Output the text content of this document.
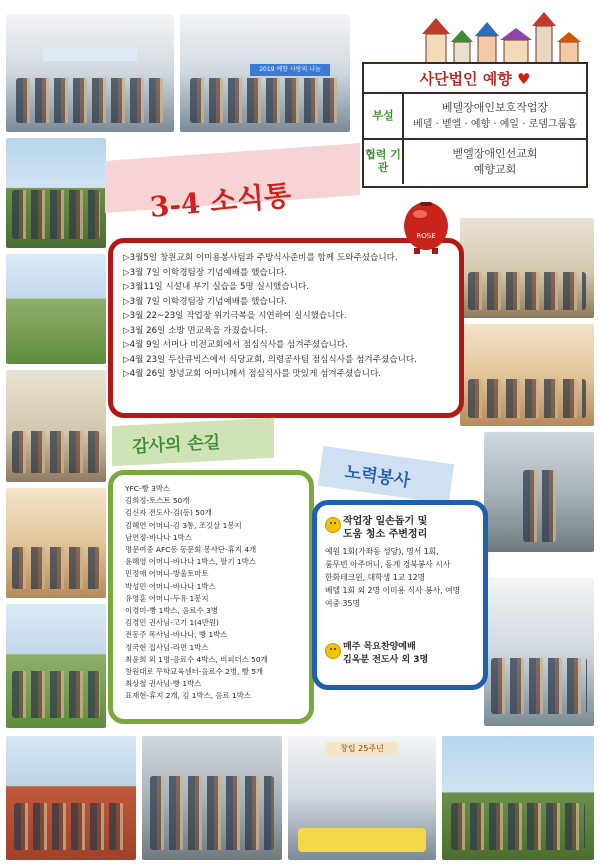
2019 예향 사랑의 나눔
창립 25주년
사단법인 예향 ♥
부설
베델장애인보호작업장
베델 · 벧엘 · 예향 · 예일 · 로뎀그룹홈
협력 기관
벧엘장애인선교회
예향교회
3-4 소식통
▷3월5일 창원교회 이미용봉사팀과 주방식사준비를 함께 도와주셨습니다.
▷3월 7일 이학경팀장 기념예배를 했습니다.
▷3월11일 시설내 부기 실습을 5명 실시했습니다.
▷3월 7일 이학경팀장 기념예배를 했습니다.
▷3월 22~23일 작업장 위기극복을 시연하여 실시했습니다.
▷3월 26일 소방 면교육을 가졌습니다.
▷4월 9일 서머나 비전교회에서 점심식사를 섬겨주셨습니다.
▷4월 23일 두산큐빅스에서 식당교회, 의령공사팀 점심식사를 섬겨주셨습니다.
▷4월 26일 창녕교회 어머니께서 점심식사를 맛있게 섬겨주셨습니다.
ROSE
감사의 손길
YFC-빵 3박스
김희정-토스트 50개
김신자 전도사-김(동) 50개
김혜연 어머니-김 3통, 조깃살 1봉지
남연정-바나나 1박스
명문여중 AFC동 동문회 봉사단-휴지 4개
윤혜영 어머니-바나나 1박스, 딸기 1박스
민정애 어머니-방울토마토
박성민 어머니-바나나 1박스
유영훈 어머니-두유 1봉지
이경미-빵 1박스, 음료수 3병
김경민 권사님-고기 1(4만원)
전동주 목사님-바나나, 빵 1박스
정국현 집사님-라면 1박스
최윤희 외 1명-음료수 4박스, 비피더스 50개
창원대로 무학교육센터-음료수 2병, 빵 5개
최상철 권사님-빵 1박스
표재현-휴지 2개, 김 1박스, 음료 1박스
노력봉사
작업장 일손돕기 및
도움 청소 주변정리
예원 1회(가좌동 성당), 명서 1회,
룸무빈 아주머니, 동계 경북봉사 시사
한화테크윈, 대학생 1교 12명
베델 1회 외 2명 이미용 식사 봉사, 여명
여중 35명
매주 목요찬양예배
김옥분 전도사 외 3명
